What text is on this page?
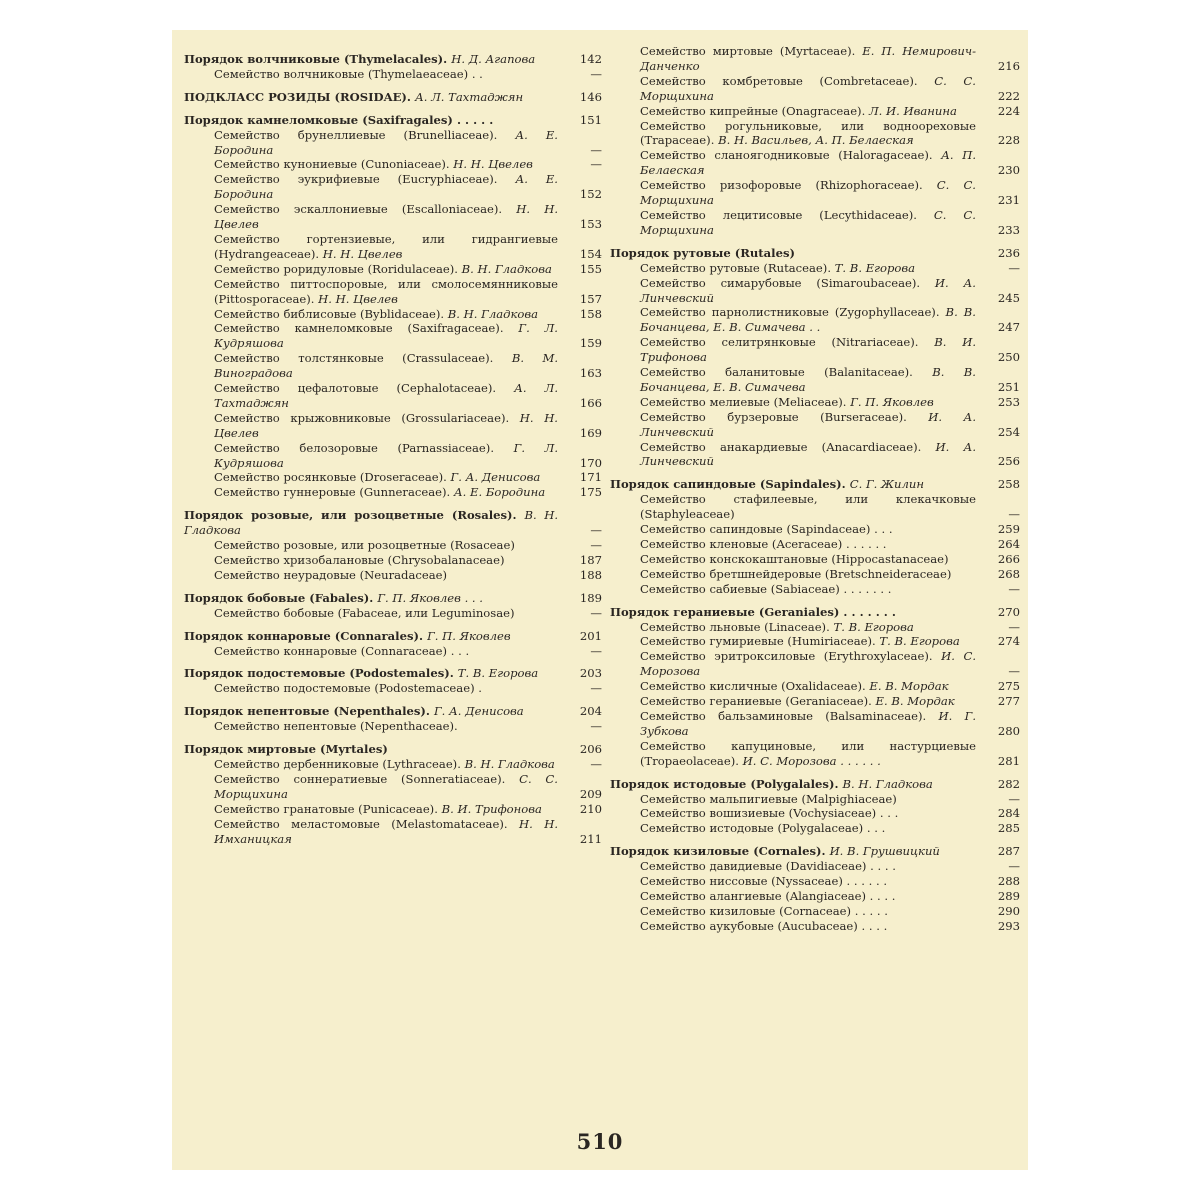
Порядок волчниковые (Thymelacales). Н. Д. Агапова	142
Семейство волчниковые (Thymelaeaceae) . .	—
ПОДКЛАСС РОЗИДЫ (ROSIDAE). А. Л. Тахтаджян	146
Порядок камнеломковые (Saxifragales) . . . . .	151
Семейство брунеллиевые (Brunelliaceae). А. Е. Бородина	—
Семейство кунониевые (Cunoniaceae). Н. Н. Цвелев	—
Семейство эукрифиевые (Eucryphiaceae). А. Е. Бородина	152
Семейство эскаллониевые (Escalloniaceae). Н. Н. Цвелев	153
Семейство гортензиевые, или гидрангиевые (Hydrangeaceae). Н. Н. Цвелев	154
Семейство роридуловые (Roridulaceae). В. Н. Гладкова	155
Семейство питтоспоровые, или смолосемянниковые (Pittosporaceae). Н. Н. Цвелев	157
Семейство библисовые (Byblidaceae). В. Н. Гладкова	158
Семейство камнеломковые (Saxifragaceae). Г. Л. Кудряшова	159
Семейство толстянковые (Crassulaceae). В. М. Виноградова	163
Семейство цефалотовые (Cephalotaceae). А. Л. Тахтаджян	166
Семейство крыжовниковые (Grossulariaceae). Н. Н. Цвелев	169
Семейство белозоровые (Parnassiaceae). Г. Л. Кудряшова	170
Семейство росянковые (Droseraceae). Г. А. Денисова	171
Семейство гуннеровые (Gunneraceae). А. Е. Бородина	175
Порядок розовые, или розоцветные (Rosales). В. Н. Гладкова	—
Семейство розовые, или розоцветные (Rosaceae)	—
Семейство хризобалановые (Chrysobalanaceae)	187
Семейство неурадовые (Neuradaceae)	188
Порядок бобовые (Fabales). Г. П. Яковлев . . .	189
Семейство бобовые (Fabaceae, или Leguminosae)	—
Порядок коннаровые (Connarales). Г. П. Яковлев	201
Семейство коннаровые (Connaraceae) . . .	—
Порядок подостемовые (Podostemales). Т. В. Егорова	203
Семейство подостемовые (Podostemaceae) .	—
Порядок непентовые (Nepenthales). Г. А. Денисова	204
Семейство непентовые (Nepenthaceae).	—
Порядок миртовые (Myrtales)	206
Семейство дербенниковые (Lythraceae). В. Н. Гладкова	—
Семейство соннератиевые (Sonneratiaceae). С. С. Морщихина	209
Семейство гранатовые (Punicaceae). В. И. Трифонова	210
Семейство меластомовые (Melastomataceae). Н. Н. Имханицкая	211
Семейство миртовые (Myrtaceae). Е. П. Немирович-Данченко	216
Семейство комбретовые (Combretaceae). С. С. Морщихина	222
Семейство кипрейные (Onagraceae). Л. И. Иванина	224
Семейство рогульниковые, или водноореховые (Trapaceae). В. Н. Васильев, А. П. Белаеская	228
Семейство сланоягодниковые (Haloragaceae). А. П. Белаеская	230
Семейство ризофоровые (Rhizophoraceae). С. С. Морщихина	231
Семейство лецитисовые (Lecythidaceae). С. С. Морщихина	233
Порядок рутовые (Rutales)	236
Семейство рутовые (Rutaceae). Т. В. Егорова	—
Семейство симарубовые (Simaroubaceae). И. А. Линчевский	245
Семейство парнолистниковые (Zygophyllaceae). В. В. Бочанцева, Е. В. Симачева . .	247
Семейство селитрянковые (Nitrariaceae). В. И. Трифонова	250
Семейство баланитовые (Balanitaceae). В. В. Бочанцева, Е. В. Симачева	251
Семейство мелиевые (Meliaceae). Г. П. Яковлев	253
Семейство бурзеровые (Burseraceae). И. А. Линчевский	254
Семейство анакардиевые (Anacardiaceae). И. А. Линчевский	256
Порядок сапиндовые (Sapindales). С. Г. Жилин	258
Семейство стафилеевые, или клекачковые (Staphyleaceae)	—
Семейство сапиндовые (Sapindaceae) . . .	259
Семейство кленовые (Aceraceae) . . . . . .	264
Семейство конскокаштановые (Hippocastanaceae)	266
Семейство бретшнейдеровые (Bretschneideraceae)	268
Семейство сабиевые (Sabiaceae) . . . . . . .	—
Порядок гераниевые (Geraniales) . . . . . . .	270
Семейство льновые (Linaceae). Т. В. Егорова	—
Семейство гумириевые (Humiriaceae). Т. В. Егорова	274
Семейство эритроксиловые (Erythroxylaceae). И. С. Морозова	—
Семейство кисличные (Oxalidaceae). Е. В. Мордак	275
Семейство гераниевые (Geraniaceae). Е. В. Мордак	277
Семейство бальзаминовые (Balsaminaceae). И. Г. Зубкова	280
Семейство капуциновые, или настурциевые (Tropaeolaceae). И. С. Морозова . . . . . .	281
Порядок истодовые (Polygalales). В. Н. Гладкова	282
Семейство мальпигиевые (Malpighiaceae)	—
Семейство вошизиевые (Vochysiaceae) . . .	284
Семейство истодовые (Polygalaceae) . . .	285
Порядок кизиловые (Cornales). И. В. Грушвицкий	287
Семейство давидиевые (Davidiaceae) . . . .	—
Семейство ниссовые (Nyssaceae) . . . . . .	288
Семейство алангиевые (Alangiaceae) . . . .	289
Семейство кизиловые (Cornaceae) . . . . .	290
Семейство аукубовые (Aucubaceae) . . . .	293
510
